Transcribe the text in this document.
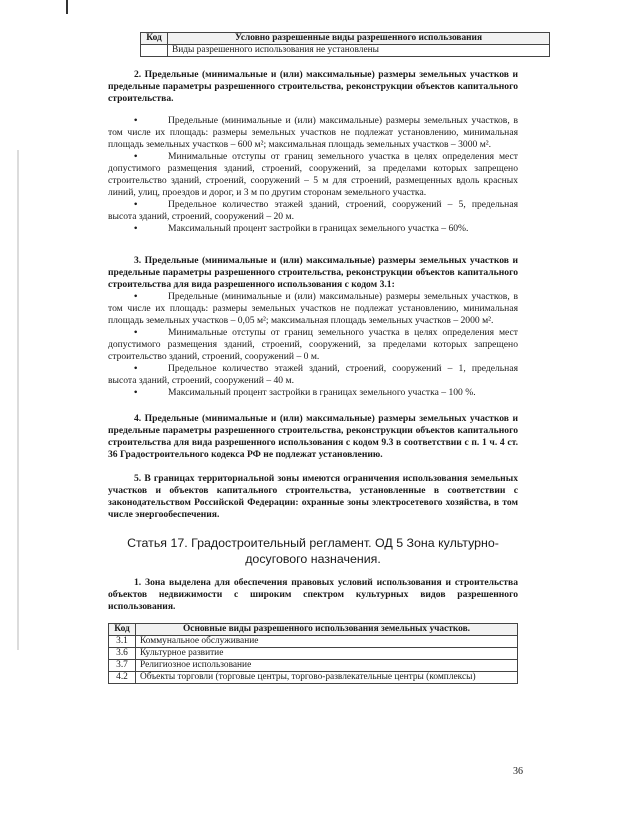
Код	Условно разрешенные виды разрешенного использования
	Виды разрешенного использования не установлены

2. Предельные (минимальные и (или) максимальные) размеры земельных участков и предельные параметры разрешенного строительства, реконструкции объектов капитального строительства.

•	Предельные (минимальные и (или) максимальные) размеры земельных участков, в том числе их площадь: размеры земельных участков не подлежат установлению, минимальная площадь земельных участков – 600 м²; максимальная площадь земельных участков – 3000 м².

•	Минимальные отступы от границ земельного участка в целях определения мест допустимого размещения зданий, строений, сооружений, за пределами которых запрещено строительство зданий, строений, сооружений – 5 м для строений, размещенных вдоль красных линий, улиц, проездов и дорог, и 3 м по другим сторонам земельного участка.

•	Предельное количество этажей зданий, строений, сооружений – 5, предельная высота зданий, строений, сооружений – 20 м.

•	Максимальный процент застройки в границах земельного участка – 60%.

3. Предельные (минимальные и (или) максимальные) размеры земельных участков и предельные параметры разрешенного строительства, реконструкции объектов капитального строительства для вида разрешенного использования с кодом 3.1:

•	Предельные (минимальные и (или) максимальные) размеры земельных участков, в том числе их площадь: размеры земельных участков не подлежат установлению, минимальная площадь земельных участков – 0,05 м²; максимальная площадь земельных участков – 2000 м².

•	Минимальные отступы от границ земельного участка в целях определения мест допустимого размещения зданий, строений, сооружений, за пределами которых запрещено строительство зданий, строений, сооружений – 0 м.

•	Предельное количество этажей зданий, строений, сооружений – 1, предельная высота зданий, строений, сооружений – 40 м.

•	Максимальный процент застройки в границах земельного участка – 100 %.

4. Предельные (минимальные и (или) максимальные) размеры земельных участков и предельные параметры разрешенного строительства, реконструкции объектов капитального строительства для вида разрешенного использования с кодом 9.3 в соответствии с п. 1 ч. 4 ст. 36 Градостроительного кодекса РФ не подлежат установлению.

5. В границах территориальной зоны имеются ограничения использования земельных участков и объектов капитального строительства, установленные в соответствии с законодательством Российской Федерации: охранные зоны электросетевого хозяйства, в том числе энергообеспечения.

Статья 17. Градостроительный регламент. ОД 5 Зона культурно-досугового назначения.

1. Зона выделена для обеспечения правовых условий использования и строительства объектов недвижимости с широким спектром культурных видов разрешенного использования.

Код	Основные виды разрешенного использования земельных участков.
3.1	Коммунальное обслуживание
3.6	Культурное развитие
3.7	Религиозное использование
4.2	Объекты торговли (торговые центры, торгово-развлекательные центры (комплексы)
36
